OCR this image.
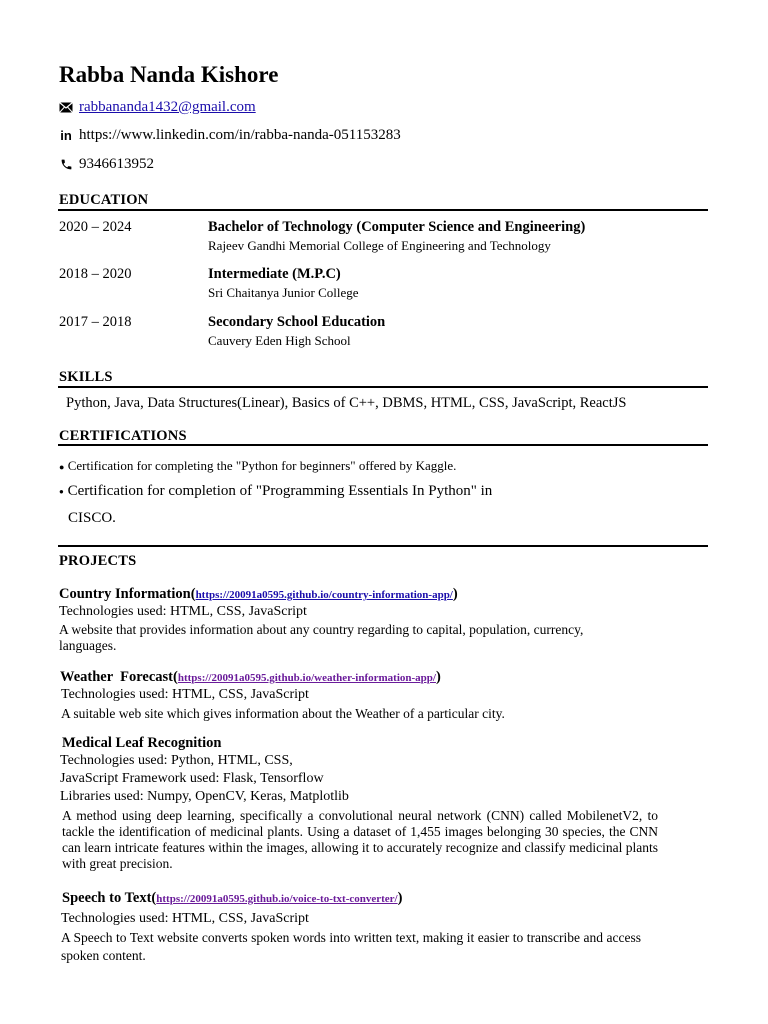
Rabba Nanda Kishore
rabbananda1432@gmail.com
in https://www.linkedin.com/in/rabba-nanda-051153283
9346613952
EDUCATION
2020 – 2024	Bachelor of Technology (Computer Science and Engineering)
Rajeev Gandhi Memorial College of Engineering and Technology
2018 – 2020	Intermediate (M.P.C)
Sri Chaitanya Junior College
2017 – 2018	Secondary School Education
Cauvery Eden High School
SKILLS
Python, Java, Data Structures(Linear), Basics of C++, DBMS, HTML, CSS, JavaScript, ReactJS
CERTIFICATIONS
● Certification for completing the "Python for beginners" offered by Kaggle.
● Certification for completion of "Programming Essentials In Python" in
CISCO.
PROJECTS
Country Information(https://20091a0595.github.io/country-information-app/)
Technologies used: HTML, CSS, JavaScript
A website that provides information about any country regarding to capital, population, currency, languages.
Weather  Forecast(https://20091a0595.github.io/weather-information-app/)
Technologies used: HTML, CSS, JavaScript
A suitable web site which gives information about the Weather of a particular city.
Medical Leaf Recognition
Technologies used: Python, HTML, CSS,
JavaScript Framework used: Flask, Tensorflow
Libraries used: Numpy, OpenCV, Keras, Matplotlib
A method using deep learning, specifically a convolutional neural network (CNN) called MobilenetV2, to tackle the identification of medicinal plants. Using a dataset of 1,455 images belonging 30 species, the CNN can learn intricate features within the images, allowing it to accurately recognize and classify medicinal plants with great precision.
Speech to Text(https://20091a0595.github.io/voice-to-txt-converter/)
Technologies used: HTML, CSS, JavaScript
A Speech to Text website converts spoken words into written text, making it easier to transcribe and access spoken content.
